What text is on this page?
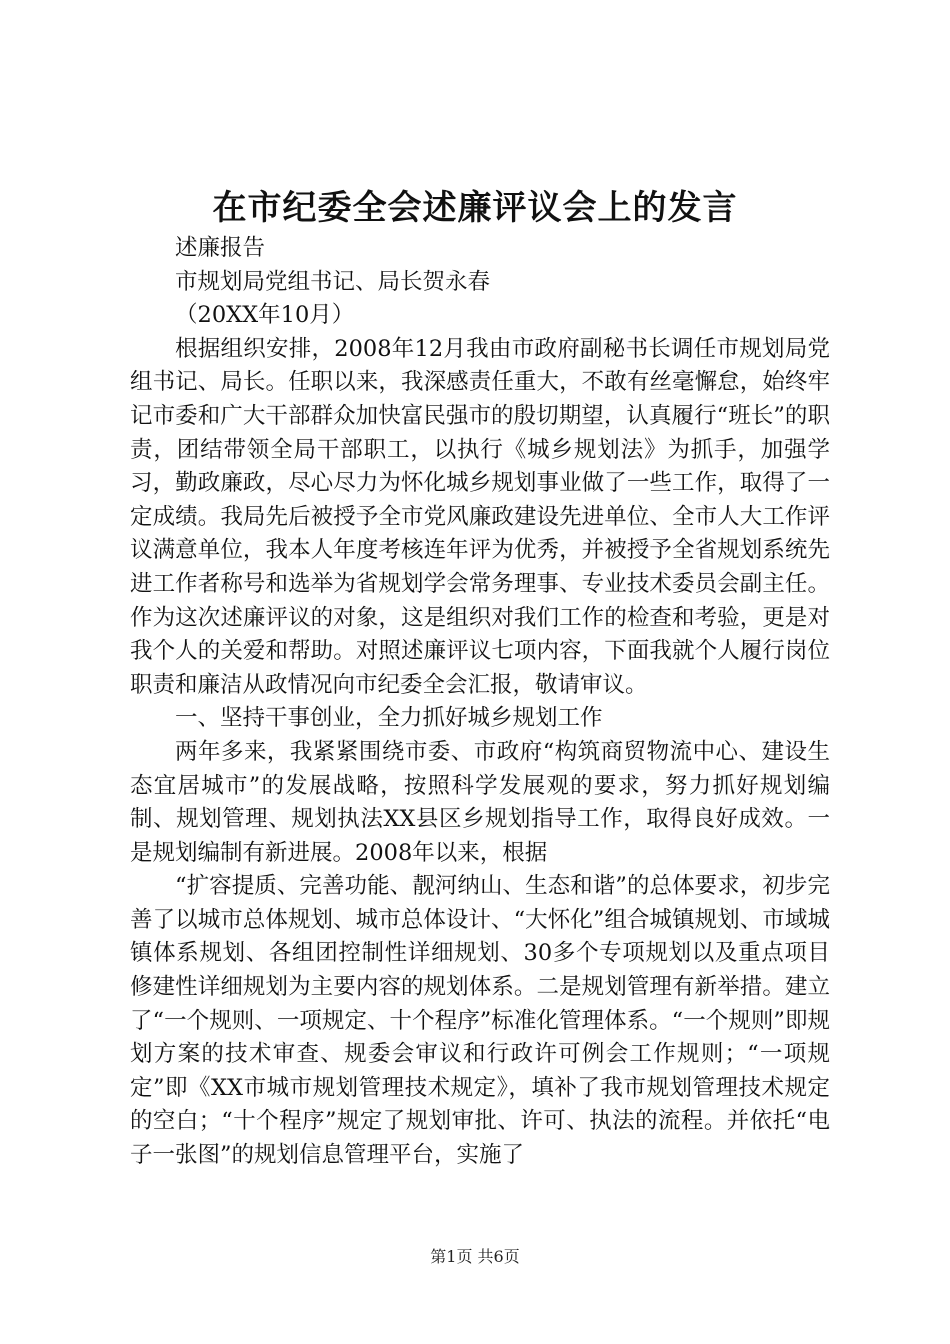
在市纪委全会述廉评议会上的发言

述廉报告

市规划局党组书记、局长贺永春

（20XX年10月）

根据组织安排，2008年12月我由市政府副秘书长调任市规划局党组书记、局长。任职以来，我深感责任重大，不敢有丝毫懈怠，始终牢记市委和广大干部群众加快富民强市的殷切期望，认真履行“班长”的职责，团结带领全局干部职工，以执行《城乡规划法》为抓手，加强学习，勤政廉政，尽心尽力为怀化城乡规划事业做了一些工作，取得了一定成绩。我局先后被授予全市党风廉政建设先进单位、全市人大工作评议满意单位，我本人年度考核连年评为优秀，并被授予全省规划系统先进工作者称号和选举为省规划学会常务理事、专业技术委员会副主任。作为这次述廉评议的对象，这是组织对我们工作的检查和考验，更是对我个人的关爱和帮助。对照述廉评议七项内容，下面我就个人履行岗位职责和廉洁从政情况向市纪委全会汇报，敬请审议。

一、坚持干事创业，全力抓好城乡规划工作

两年多来，我紧紧围绕市委、市政府“构筑商贸物流中心、建设生态宜居城市”的发展战略，按照科学发展观的要求，努力抓好规划编制、规划管理、规划执法XX县区乡规划指导工作，取得良好成效。一是规划编制有新进展。2008年以来，根据

“扩容提质、完善功能、靓河纳山、生态和谐”的总体要求，初步完善了以城市总体规划、城市总体设计、“大怀化”组合城镇规划、市域城镇体系规划、各组团控制性详细规划、30多个专项规划以及重点项目修建性详细规划为主要内容的规划体系。二是规划管理有新举措。建立了“一个规则、一项规定、十个程序”标准化管理体系。“一个规则”即规划方案的技术审查、规委会审议和行政许可例会工作规则；“一项规定”即《XX市城市规划管理技术规定》，填补了我市规划管理技术规定的空白；“十个程序”规定了规划审批、许可、执法的流程。并依托“电子一张图”的规划信息管理平台，实施了

第1页 共6页
